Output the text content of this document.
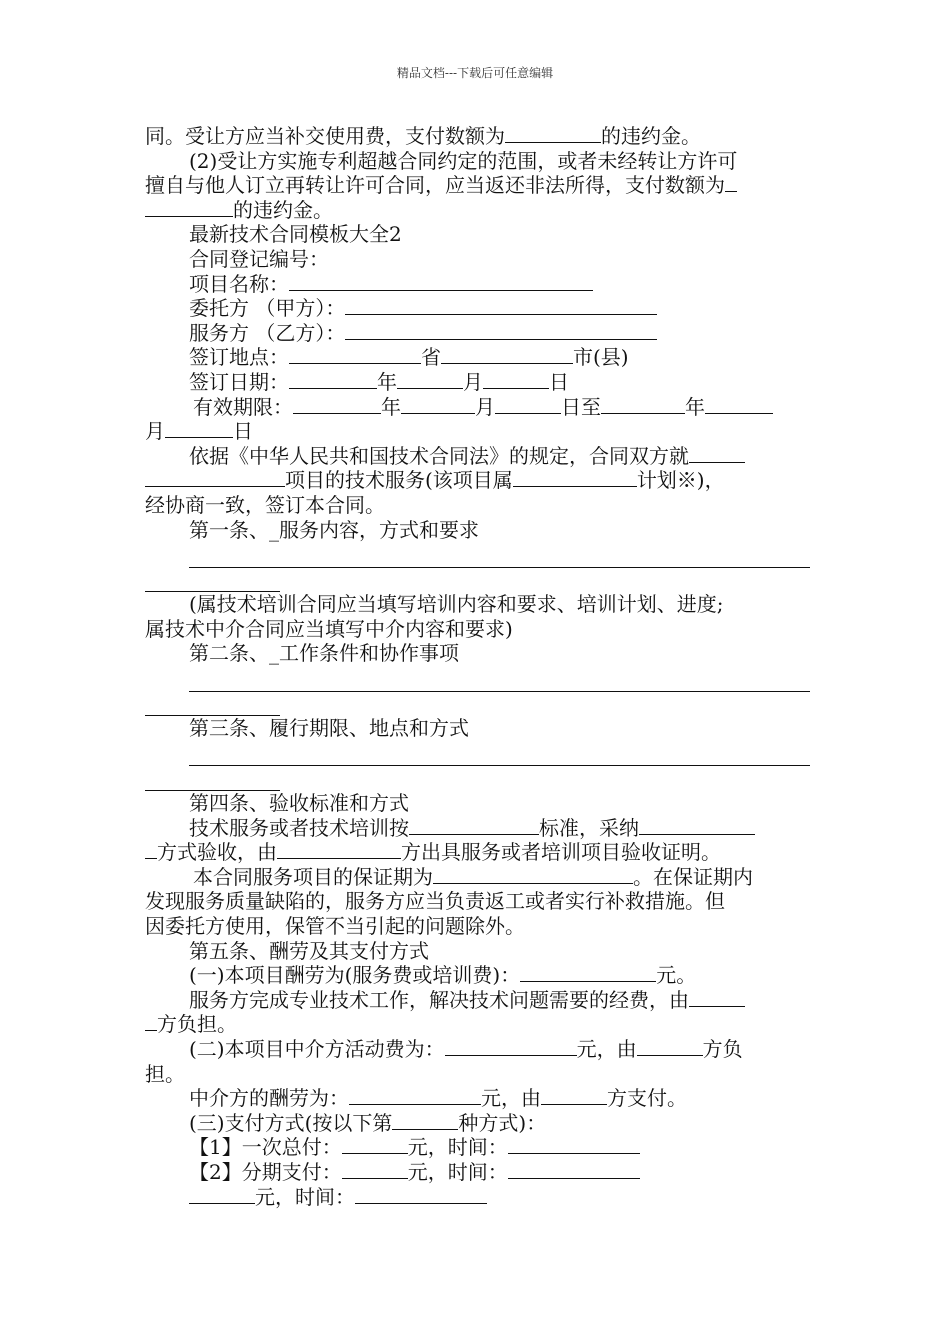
精品文档---下载后可任意编辑

同。受让方应当补交使用费，支付数额为	的违约金。

(2)受让方实施专利超越合同约定的范围，或者未经转让方许可

擅自与他人订立再转让许可合同，应当返还非法所得，支付数额为

的违约金。

最新技术合同模板大全2

合同登记编号：

项目名称：

委托方 （甲方）：

服务方 （乙方）：

签订地点：	省	市(县)

签订日期：	年	月	日

有效期限：	年	月	日至	年

月	日

依据《中华人民共和国技术合同法》的规定，合同双方就

项目的技术服务(该项目属	计划※)，

经协商一致，签订本合同。

第一条、_服务内容，方式和要求

(属技术培训合同应当填写培训内容和要求、培训计划、进度;

属技术中介合同应当填写中介内容和要求)

第二条、_工作条件和协作事项

第三条、履行期限、地点和方式

第四条、验收标准和方式

技术服务或者技术培训按	标准，采纳

方式验收，由	方出具服务或者培训项目验收证明。

本合同服务项目的保证期为	。在保证期内

发现服务质量缺陷的，服务方应当负责返工或者实行补救措施。但

因委托方使用，保管不当引起的问题除外。

第五条、酬劳及其支付方式

(一)本项目酬劳为(服务费或培训费)：	元。

服务方完成专业技术工作，解决技术问题需要的经费，由

方负担。

(二)本项目中介方活动费为：	元，由	方负

担。

中介方的酬劳为：	元，由	方支付。

(三)支付方式(按以下第	种方式)：

【1】一次总付：	元，时间：

【2】分期支付：	元，时间：

元，时间：
